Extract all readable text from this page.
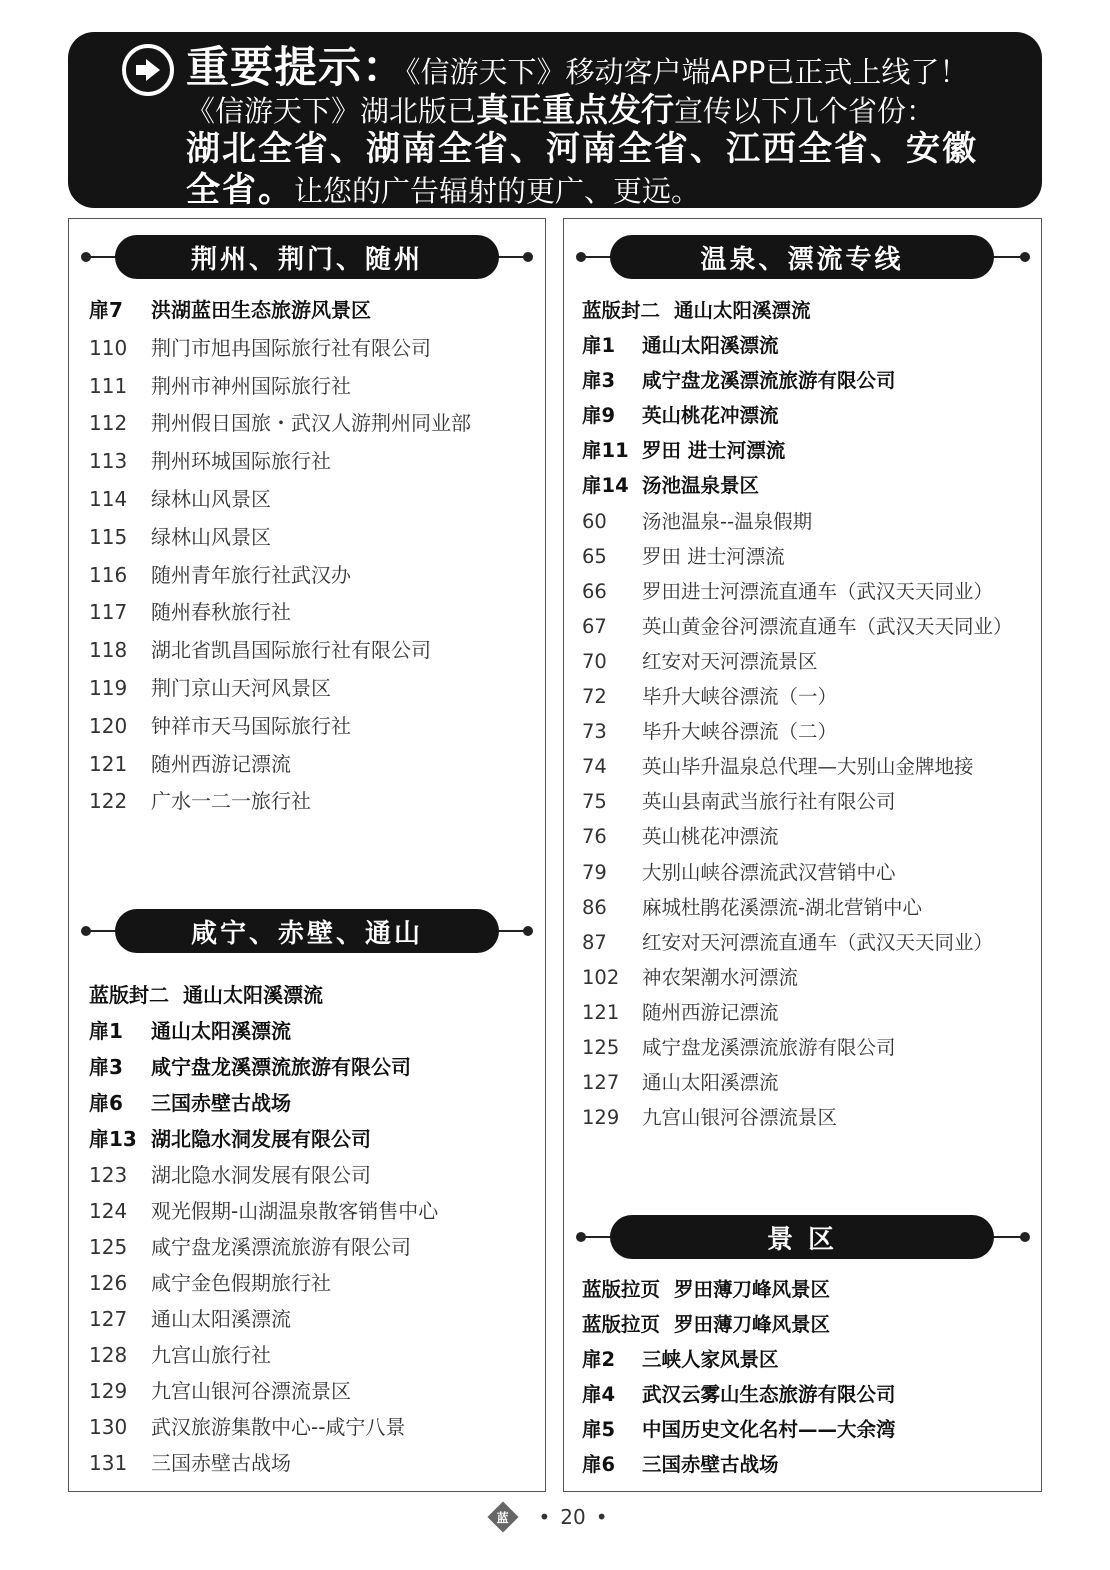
重要提示：《信游天下》移动客户端APP已正式上线了！
《信游天下》湖北版已真正重点发行宣传以下几个省份：
湖北全省、湖南全省、河南全省、江西全省、安徽
全省。让您的广告辐射的更广、更远。
荆州、荆门、随州
扉7 洪湖蓝田生态旅游风景区
110 荆门市旭冉国际旅行社有限公司
111 荆州市神州国际旅行社
112 荆州假日国旅・武汉人游荆州同业部
113 荆州环城国际旅行社
114 绿林山风景区
115 绿林山风景区
116 随州青年旅行社武汉办
117 随州春秋旅行社
118 湖北省凯昌国际旅行社有限公司
119 荆门京山天河风景区
120 钟祥市天马国际旅行社
121 随州西游记漂流
122 广水一二一旅行社
咸宁、赤壁、通山
蓝版封二 通山太阳溪漂流
扉1 通山太阳溪漂流
扉3 咸宁盘龙溪漂流旅游有限公司
扉6 三国赤壁古战场
扉13 湖北隐水洞发展有限公司
123 湖北隐水洞发展有限公司
124 观光假期-山湖温泉散客销售中心
125 咸宁盘龙溪漂流旅游有限公司
126 咸宁金色假期旅行社
127 通山太阳溪漂流
128 九宫山旅行社
129 九宫山银河谷漂流景区
130 武汉旅游集散中心--咸宁八景
131 三国赤壁古战场
温泉、漂流专线
蓝版封二 通山太阳溪漂流
扉1 通山太阳溪漂流
扉3 咸宁盘龙溪漂流旅游有限公司
扉9 英山桃花冲漂流
扉11 罗田 进士河漂流
扉14 汤池温泉景区
60 汤池温泉--温泉假期
65 罗田 进士河漂流
66 罗田进士河漂流直通车（武汉天天同业）
67 英山黄金谷河漂流直通车（武汉天天同业）
70 红安对天河漂流景区
72 毕升大峡谷漂流（一）
73 毕升大峡谷漂流（二）
74 英山毕升温泉总代理—大别山金牌地接
75 英山县南武当旅行社有限公司
76 英山桃花冲漂流
79 大别山峡谷漂流武汉营销中心
86 麻城杜鹃花溪漂流-湖北营销中心
87 红安对天河漂流直通车（武汉天天同业）
102 神农架潮水河漂流
121 随州西游记漂流
125 咸宁盘龙溪漂流旅游有限公司
127 通山太阳溪漂流
129 九宫山银河谷漂流景区
景 区
蓝版拉页 罗田薄刀峰风景区
蓝版拉页 罗田薄刀峰风景区
扉2 三峡人家风景区
扉4 武汉云雾山生态旅游有限公司
扉5 中国历史文化名村——大余湾
扉6 三国赤壁古战场
蓝 • 20 •
